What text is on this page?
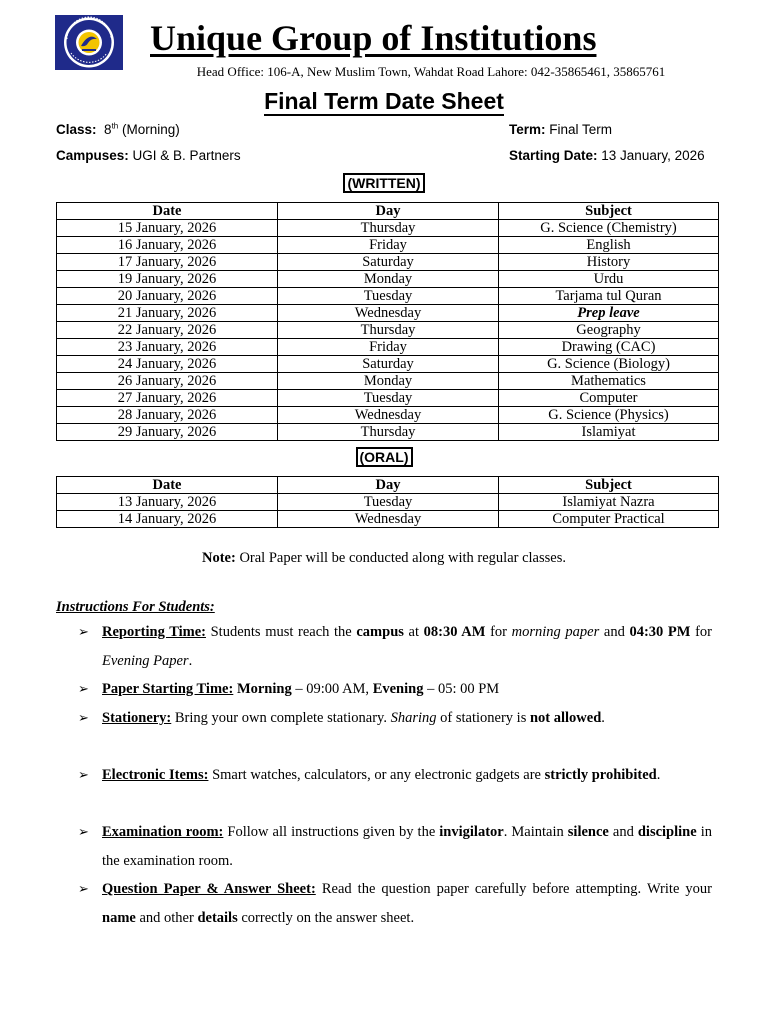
Unique Group of Institutions
Head Office: 106-A, New Muslim Town, Wahdat Road Lahore: 042-35865461, 35865761
Final Term Date Sheet
Class: 8th (Morning)	Term: Final Term
Campuses: UGI & B. Partners	Starting Date: 13 January, 2026
(WRITTEN)
Date	Day	Subject
15 January, 2026	Thursday	G. Science (Chemistry)
16 January, 2026	Friday	English
17 January, 2026	Saturday	History
19 January, 2026	Monday	Urdu
20 January, 2026	Tuesday	Tarjama tul Quran
21 January, 2026	Wednesday	Prep leave
22 January, 2026	Thursday	Geography
23 January, 2026	Friday	Drawing (CAC)
24 January, 2026	Saturday	G. Science (Biology)
26 January, 2026	Monday	Mathematics
27 January, 2026	Tuesday	Computer
28 January, 2026	Wednesday	G. Science (Physics)
29 January, 2026	Thursday	Islamiyat
(ORAL)
Date	Day	Subject
13 January, 2026	Tuesday	Islamiyat Nazra
14 January, 2026	Wednesday	Computer Practical
Note: Oral Paper will be conducted along with regular classes.
Instructions For Students:
➢ Reporting Time: Students must reach the campus at 08:30 AM for morning paper and 04:30 PM for Evening Paper.
➢ Paper Starting Time: Morning – 09:00 AM, Evening – 05: 00 PM
➢ Stationery: Bring your own complete stationary. Sharing of stationery is not allowed.
➢ Electronic Items: Smart watches, calculators, or any electronic gadgets are strictly prohibited.
➢ Examination room: Follow all instructions given by the invigilator. Maintain silence and discipline in the examination room.
➢ Question Paper & Answer Sheet: Read the question paper carefully before attempting. Write your name and other details correctly on the answer sheet.
